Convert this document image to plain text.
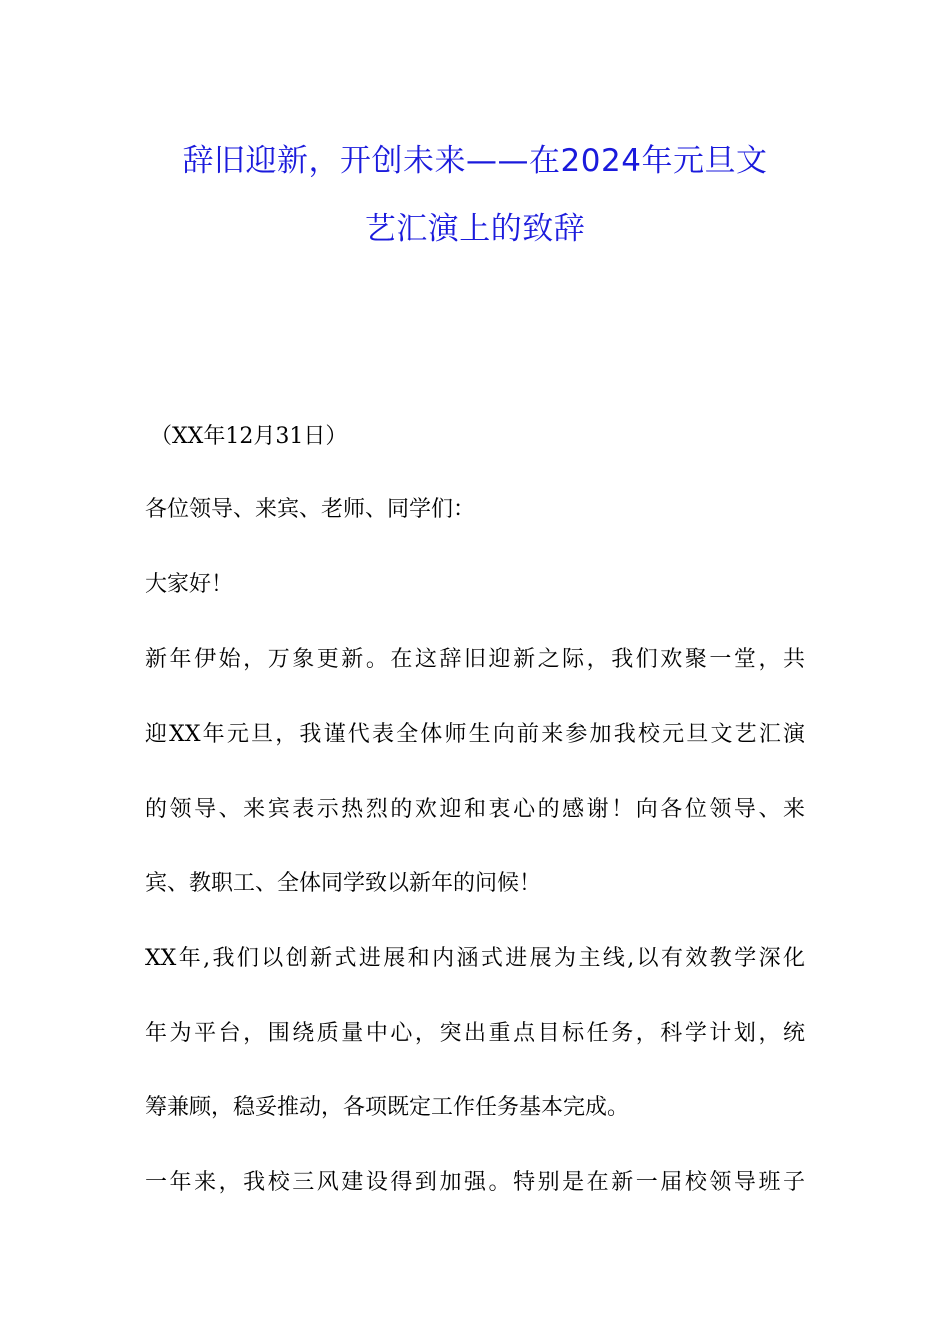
辞旧迎新，开创未来——在2024年元旦文
艺汇演上的致辞
（XX年12月31日）
各位领导、来宾、老师、同学们：
大家好！
新年伊始，万象更新。在这辞旧迎新之际，我们欢聚一堂，共
迎XX年元旦，我谨代表全体师生向前来参加我校元旦文艺汇演
的领导、来宾表示热烈的欢迎和衷心的感谢！向各位领导、来
宾、教职工、全体同学致以新年的问候！
XX年,我们以创新式进展和内涵式进展为主线,以有效教学深化
年为平台，围绕质量中心，突出重点目标任务，科学计划，统
筹兼顾，稳妥推动，各项既定工作任务基本完成。
一年来，我校三风建设得到加强。特别是在新一届校领导班子
